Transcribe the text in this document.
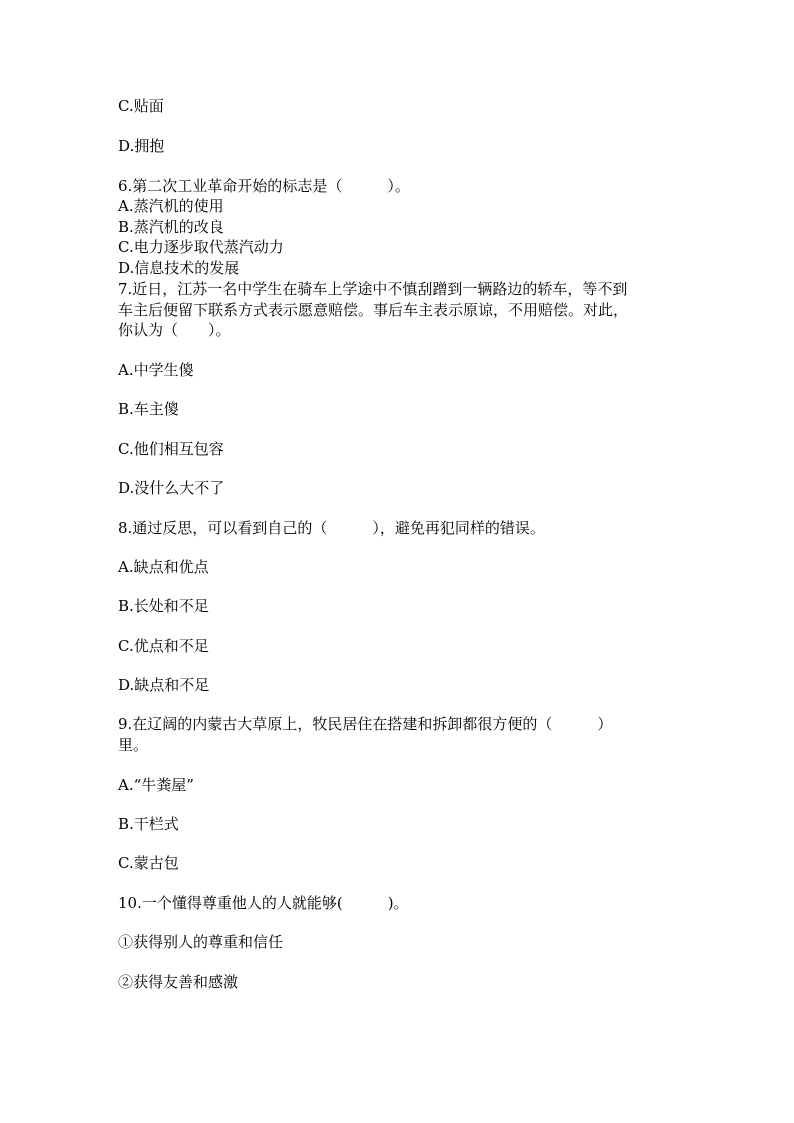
C.贴面
D.拥抱
6.第二次工业革命开始的标志是（　　　）。
A.蒸汽机的使用
B.蒸汽机的改良
C.电力逐步取代蒸汽动力
D.信息技术的发展
7.近日，江苏一名中学生在骑车上学途中不慎刮蹭到一辆路边的轿车，等不到
车主后便留下联系方式表示愿意赔偿。事后车主表示原谅，不用赔偿。对此，
你认为（　　）。
A.中学生傻
B.车主傻
C.他们相互包容
D.没什么大不了
8.通过反思，可以看到自己的（　　　），避免再犯同样的错误。
A.缺点和优点
B.长处和不足
C.优点和不足
D.缺点和不足
9.在辽阔的内蒙古大草原上，牧民居住在搭建和拆卸都很方便的（　　　）
里。
A.“牛粪屋”
B.干栏式
C.蒙古包
10.一个懂得尊重他人的人就能够(　　　)。
①获得别人的尊重和信任
②获得友善和感激
